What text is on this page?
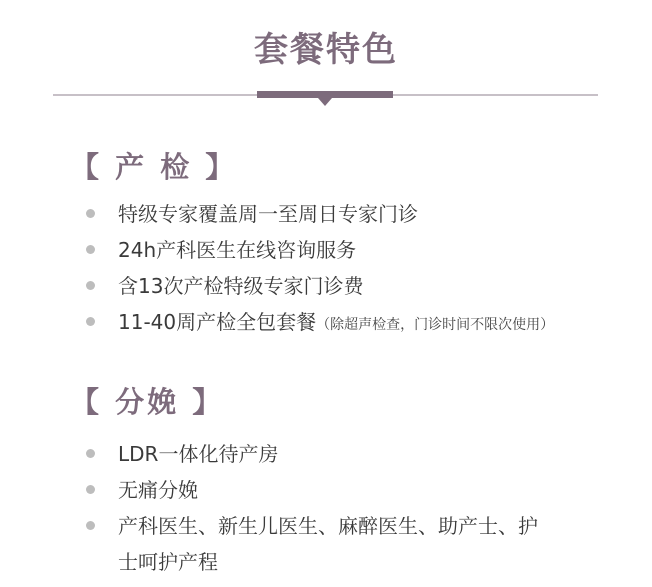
套餐特色
【 产 检 】
特级专家覆盖周一至周日专家门诊
24h产科医生在线咨询服务
含13次产检特级专家门诊费
11-40周产检全包套餐（除超声检查，门诊时间不限次使用）
【 分娩 】
LDR一体化待产房
无痛分娩
产科医生、新生儿医生、麻醉医生、助产士、护
士呵护产程
